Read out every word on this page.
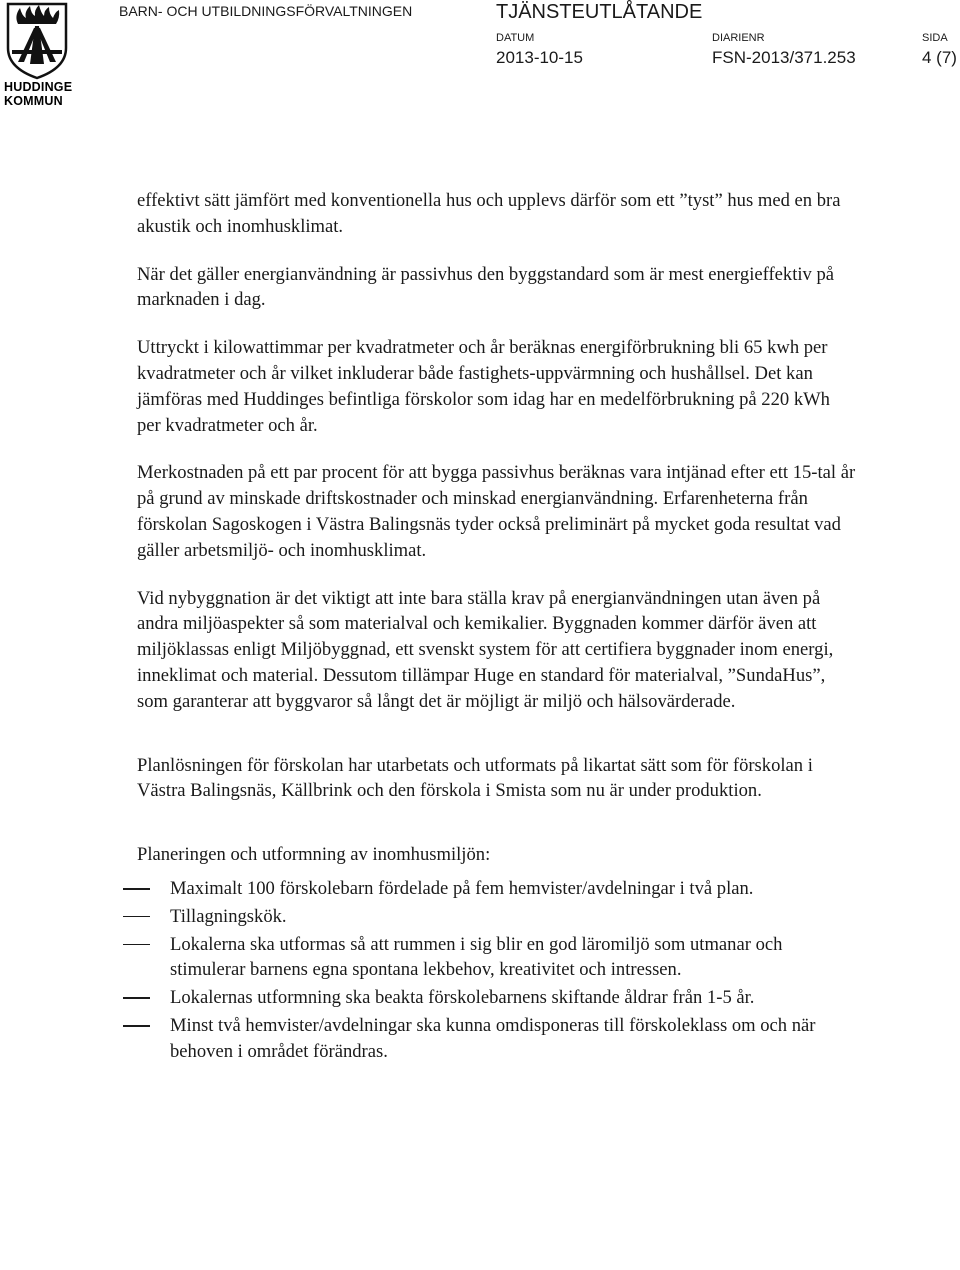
HUDDINGE
KOMMUN
BARN- OCH UTBILDNINGSFÖRVALTNINGEN	TJÄNSTEUTLÅTANDE
DATUM
2013-10-15
DIARIENR
FSN-2013/371.253
SIDA
4 (7)

effektivt sätt jämfört med konventionella hus och upplevs därför som ett ”tyst” hus med en bra akustik och inomhusklimat.

När det gäller energianvändning är passivhus den byggstandard som är mest energieffektiv på marknaden i dag.

Uttryckt i kilowattimmar per kvadratmeter och år beräknas energiförbrukning bli 65 kwh per kvadratmeter och år vilket inkluderar både fastighets-uppvärmning och hushållsel. Det kan jämföras med Huddinges befintliga förskolor som idag har en medelförbrukning på 220 kWh per kvadratmeter och år.

Merkostnaden på ett par procent för att bygga passivhus beräknas vara intjänad efter ett 15-tal år på grund av minskade driftskostnader och minskad energianvändning. Erfarenheterna från förskolan Sagoskogen i Västra Balingsnäs tyder också preliminärt på mycket goda resultat vad gäller arbetsmiljö- och inomhusklimat.

Vid nybyggnation är det viktigt att inte bara ställa krav på energianvändningen utan även på andra miljöaspekter så som materialval och kemikalier. Byggnaden kommer därför även att miljöklassas enligt Miljöbyggnad, ett svenskt system för att certifiera byggnader inom energi, inneklimat och material. Dessutom tillämpar Huge en standard för materialval, ”SundaHus”, som garanterar att byggvaror så långt det är möjligt är miljö och hälsovärderade.

Planlösningen för förskolan har utarbetats och utformats på likartat sätt som för förskolan i Västra Balingsnäs, Källbrink och den förskola i Smista som nu är under produktion.

Planeringen och utformning av inomhusmiljön:

Maximalt 100 förskolebarn fördelade på fem hemvister/avdelningar i två plan.
Tillagningskök.
Lokalerna ska utformas så att rummen i sig blir en god läromiljö som utmanar och stimulerar barnens egna spontana lekbehov, kreativitet och intressen.
Lokalernas utformning ska beakta förskolebarnens skiftande åldrar från 1-5 år.
Minst två hemvister/avdelningar ska kunna omdisponeras till förskoleklass om och när behoven i området förändras.
